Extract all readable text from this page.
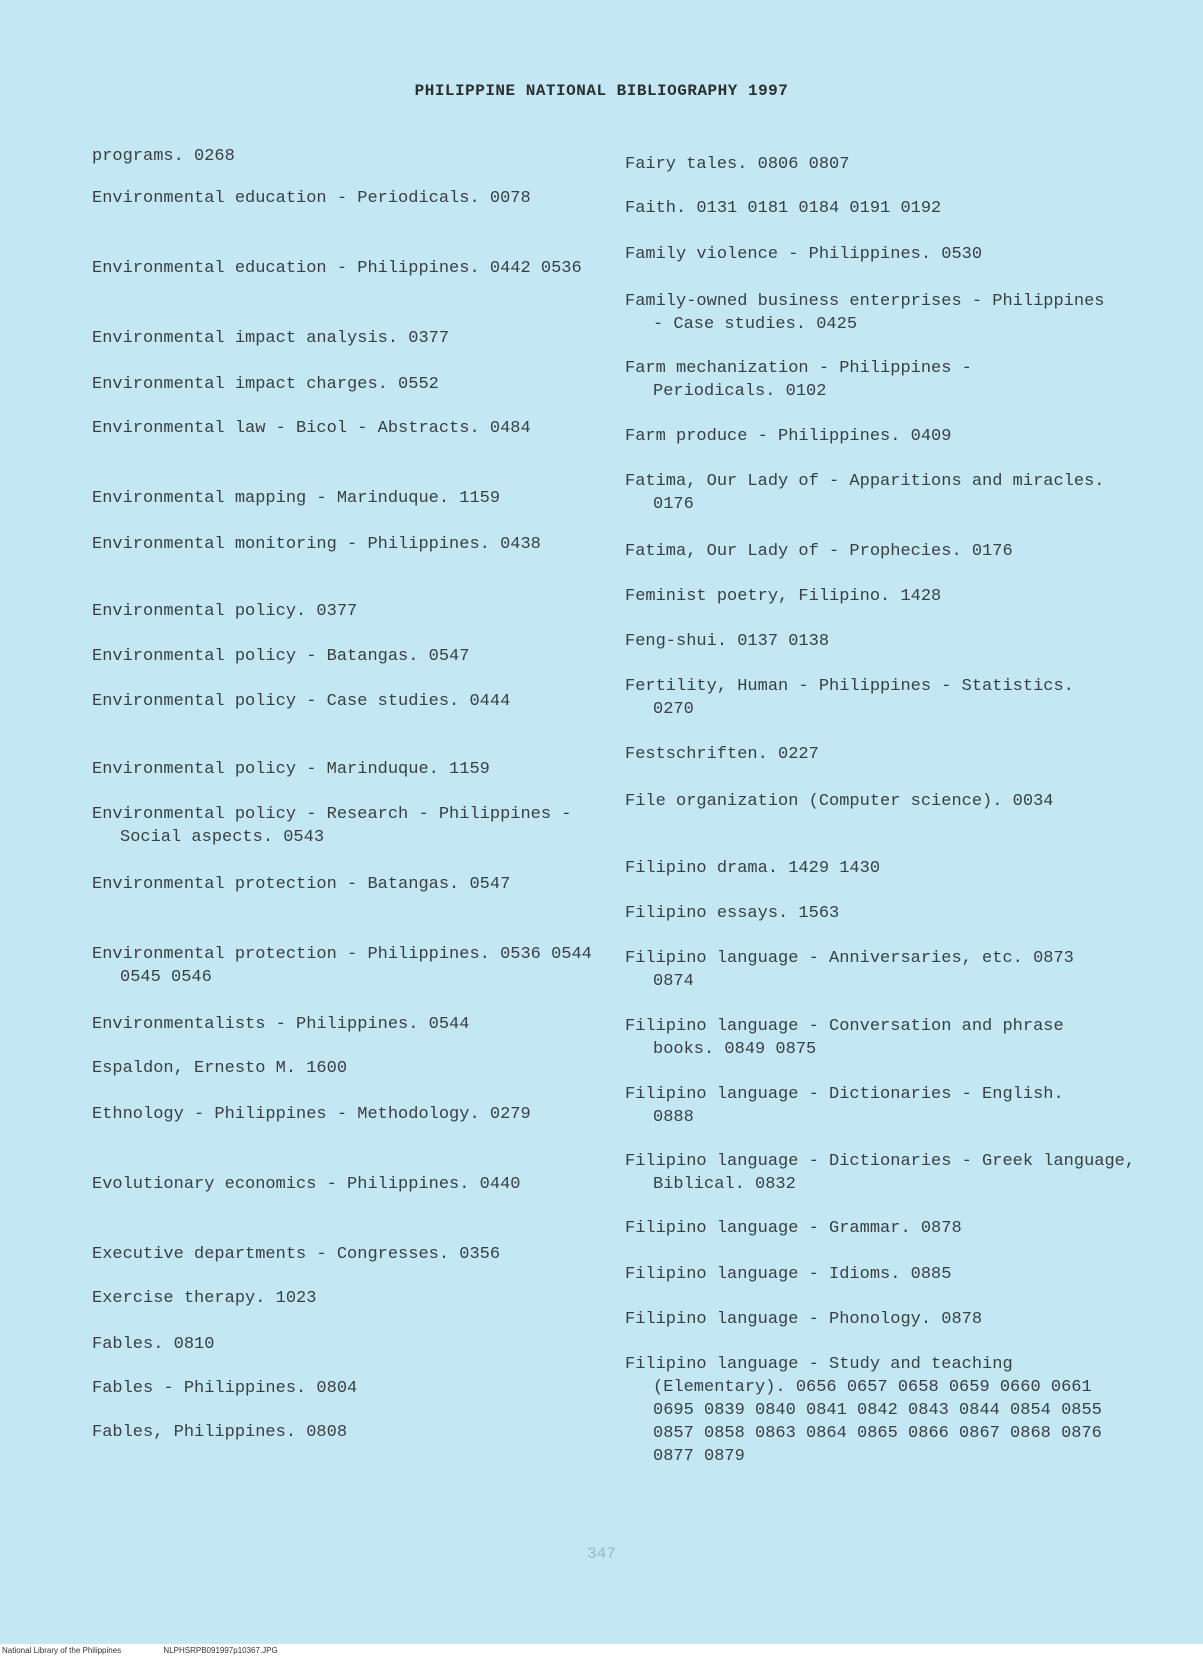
PHILIPPINE NATIONAL BIBLIOGRAPHY 1997
programs. 0268
Environmental education - Periodicals. 0078
Environmental education - Philippines. 0442 0536
Environmental impact analysis. 0377
Environmental impact charges. 0552
Environmental law - Bicol - Abstracts. 0484
Environmental mapping - Marinduque. 1159
Environmental monitoring - Philippines. 0438
Environmental policy. 0377
Environmental policy - Batangas. 0547
Environmental policy - Case studies. 0444
Environmental policy - Marinduque. 1159
Environmental policy - Research - Philippines - Social aspects. 0543
Environmental protection - Batangas. 0547
Environmental protection - Philippines. 0536 0544 0545 0546
Environmentalists - Philippines. 0544
Espaldon, Ernesto M. 1600
Ethnology - Philippines - Methodology. 0279
Evolutionary economics - Philippines. 0440
Executive departments - Congresses. 0356
Exercise therapy. 1023
Fables. 0810
Fables - Philippines. 0804
Fables, Philippines. 0808
Fairy tales. 0806 0807
Faith. 0131 0181 0184 0191 0192
Family violence - Philippines. 0530
Family-owned business enterprises - Philippines - Case studies. 0425
Farm mechanization - Philippines - Periodicals. 0102
Farm produce - Philippines. 0409
Fatima, Our Lady of - Apparitions and miracles. 0176
Fatima, Our Lady of - Prophecies. 0176
Feminist poetry, Filipino. 1428
Feng-shui. 0137 0138
Fertility, Human - Philippines - Statistics. 0270
Festschriften. 0227
File organization (Computer science). 0034
Filipino drama. 1429 1430
Filipino essays. 1563
Filipino language - Anniversaries, etc. 0873 0874
Filipino language - Conversation and phrase books. 0849 0875
Filipino language - Dictionaries - English. 0888
Filipino language - Dictionaries - Greek language, Biblical. 0832
Filipino language - Grammar. 0878
Filipino language - Idioms. 0885
Filipino language - Phonology. 0878
Filipino language - Study and teaching (Elementary). 0656 0657 0658 0659 0660 0661 0695 0839 0840 0841 0842 0843 0844 0854 0855 0857 0858 0863 0864 0865 0866 0867 0868 0876 0877 0879
347
National Library of the Philippines	NLPHSRPB091997p10367.JPG
